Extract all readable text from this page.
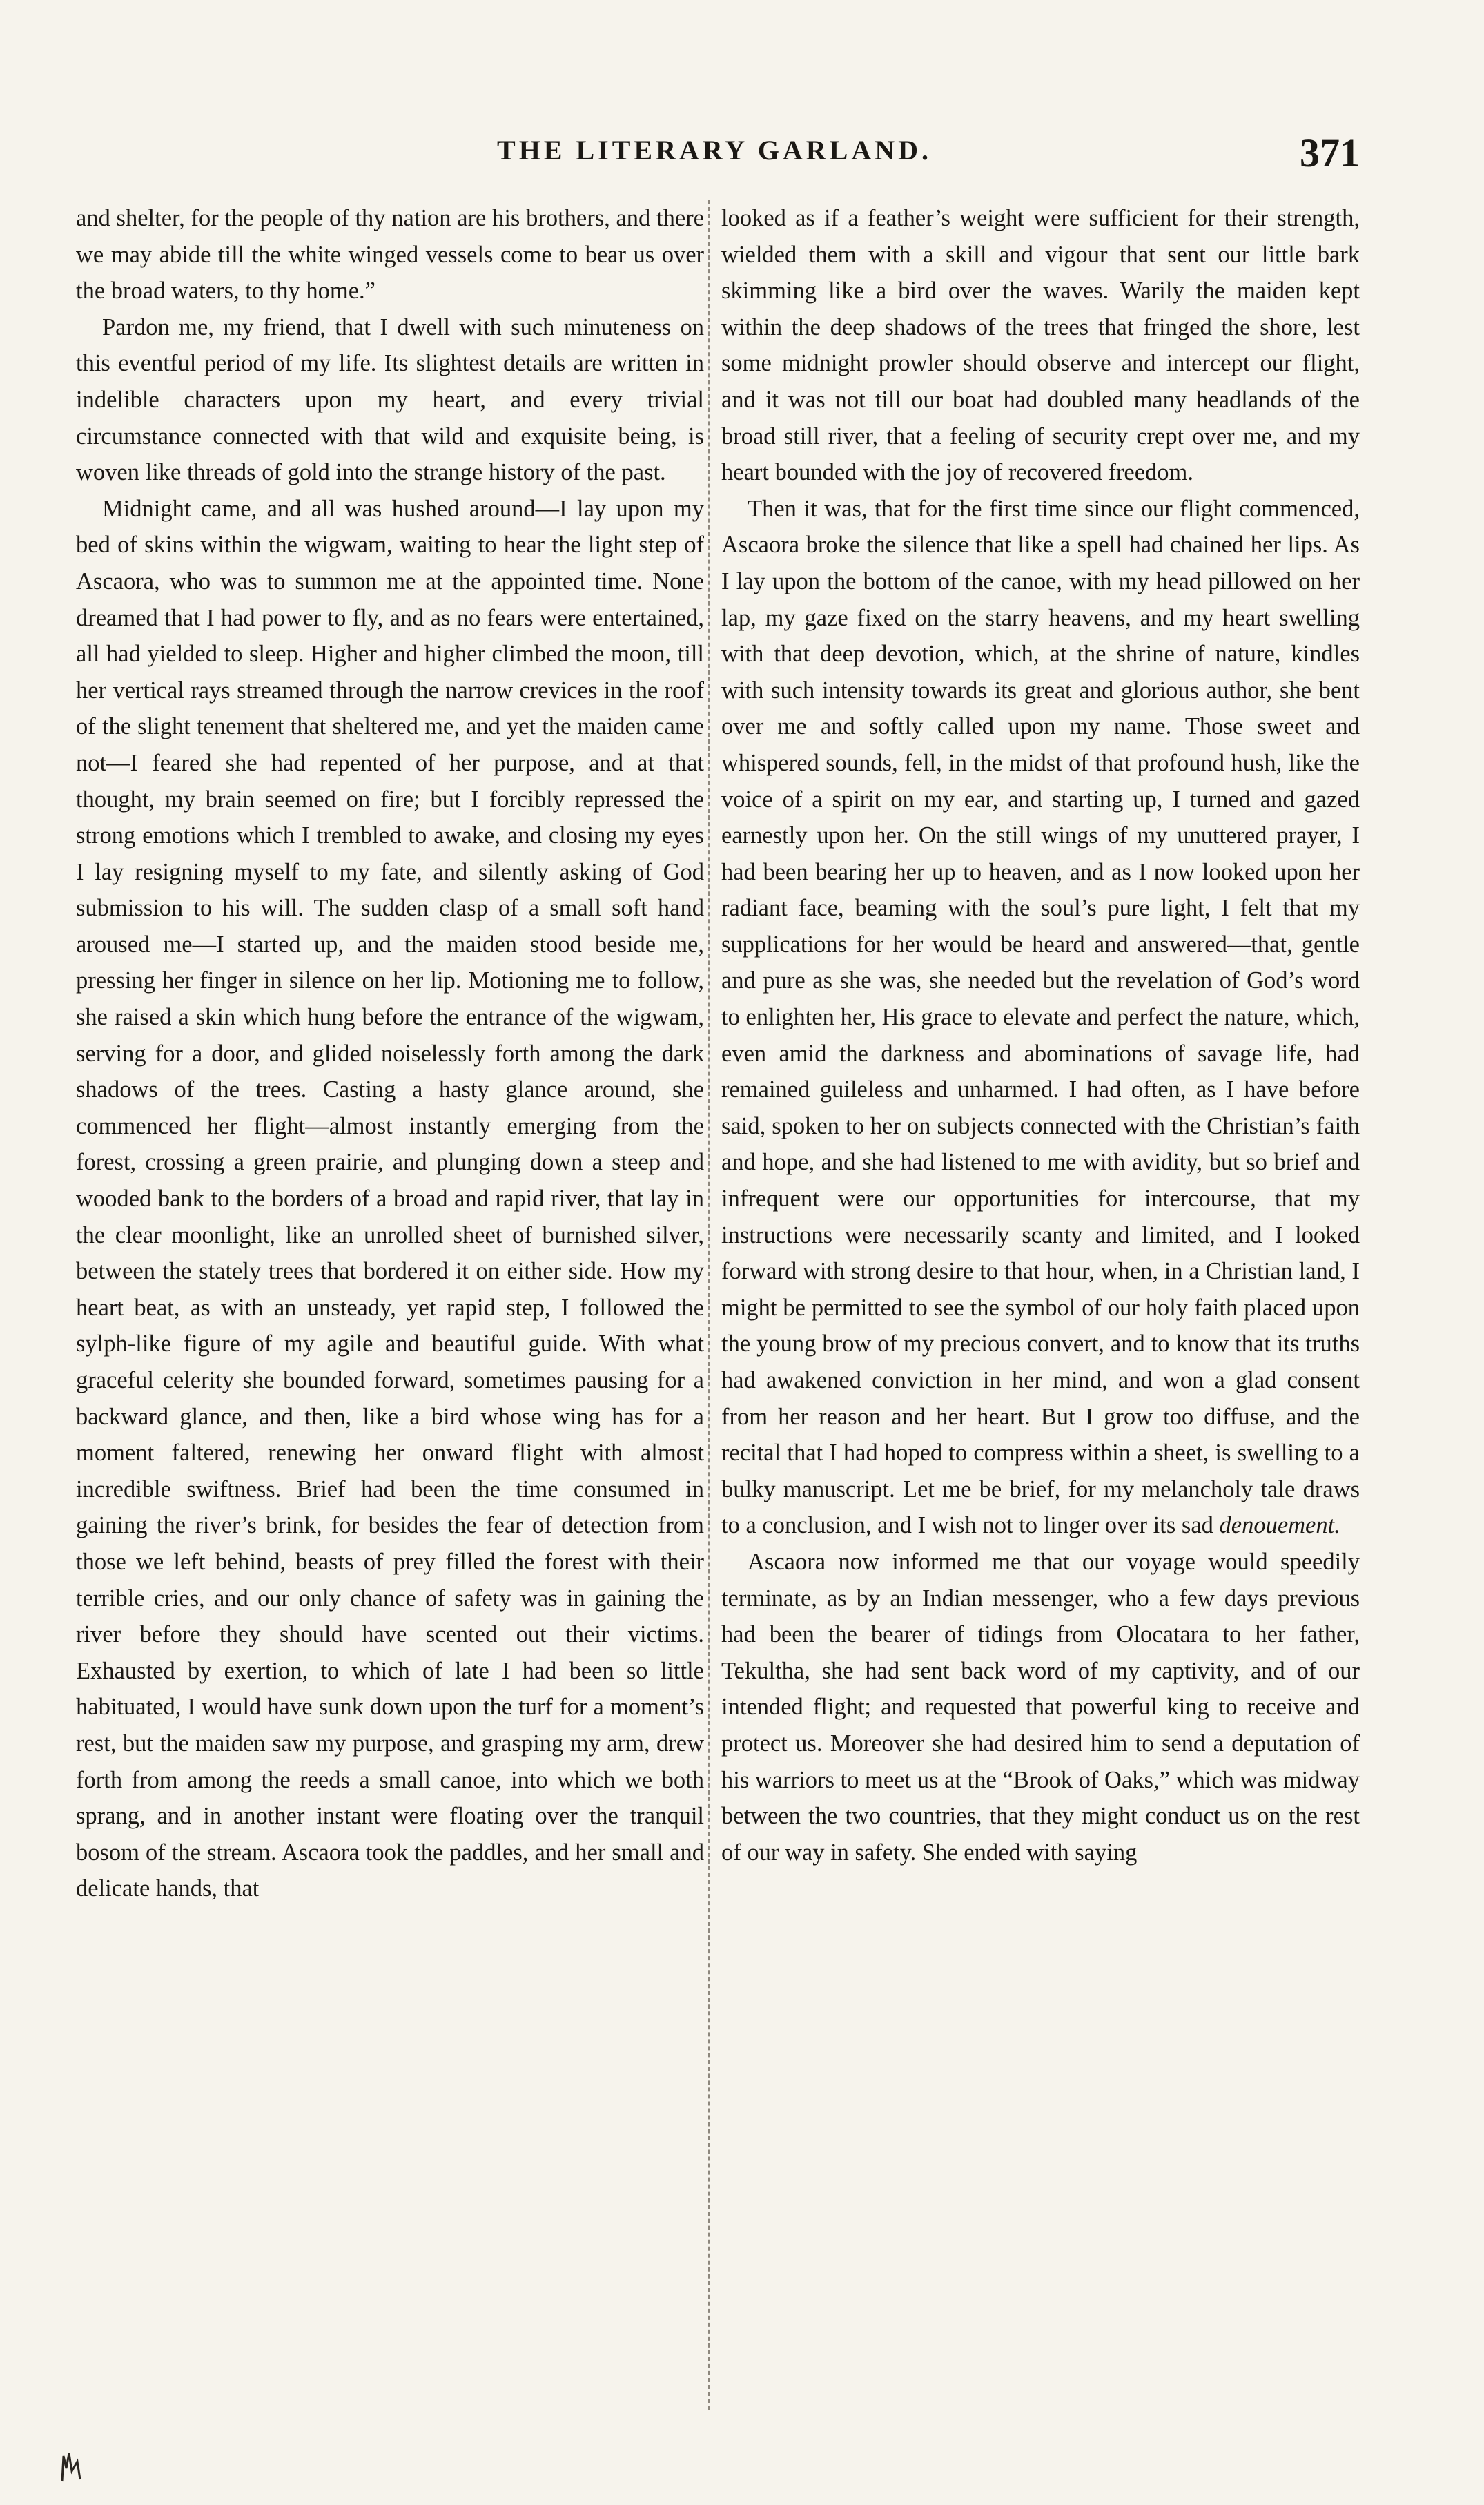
THE LITERARY GARLAND.	371

and shelter, for the people of thy nation are his brothers, and there we may abide till the white winged vessels come to bear us over the broad waters, to thy home.”

Pardon me, my friend, that I dwell with such minuteness on this eventful period of my life. Its slightest details are written in indelible characters upon my heart, and every trivial circumstance connected with that wild and exquisite being, is woven like threads of gold into the strange history of the past.

Midnight came, and all was hushed around—I lay upon my bed of skins within the wigwam, waiting to hear the light step of Ascaora, who was to summon me at the appointed time. None dreamed that I had power to fly, and as no fears were entertained, all had yielded to sleep. Higher and higher climbed the moon, till her vertical rays streamed through the narrow crevices in the roof of the slight tenement that sheltered me, and yet the maiden came not—I feared she had repented of her purpose, and at that thought, my brain seemed on fire; but I forcibly repressed the strong emotions which I trembled to awake, and closing my eyes I lay resigning myself to my fate, and silently asking of God submission to his will. The sudden clasp of a small soft hand aroused me—I started up, and the maiden stood beside me, pressing her finger in silence on her lip. Motioning me to follow, she raised a skin which hung before the entrance of the wigwam, serving for a door, and glided noiselessly forth among the dark shadows of the trees. Casting a hasty glance around, she commenced her flight—almost instantly emerging from the forest, crossing a green prairie, and plunging down a steep and wooded bank to the borders of a broad and rapid river, that lay in the clear moonlight, like an unrolled sheet of burnished silver, between the stately trees that bordered it on either side. How my heart beat, as with an unsteady, yet rapid step, I followed the sylph-like figure of my agile and beautiful guide. With what graceful celerity she bounded forward, sometimes pausing for a backward glance, and then, like a bird whose wing has for a moment faltered, renewing her onward flight with almost incredible swiftness. Brief had been the time consumed in gaining the river’s brink, for besides the fear of detection from those we left behind, beasts of prey filled the forest with their terrible cries, and our only chance of safety was in gaining the river before they should have scented out their victims. Exhausted by exertion, to which of late I had been so little habituated, I would have sunk down upon the turf for a moment’s rest, but the maiden saw my purpose, and grasping my arm, drew forth from among the reeds a small canoe, into which we both sprang, and in another instant were floating over the tranquil bosom of the stream. Ascaora took the paddles, and her small and delicate hands, that

looked as if a feather’s weight were sufficient for their strength, wielded them with a skill and vigour that sent our little bark skimming like a bird over the waves. Warily the maiden kept within the deep shadows of the trees that fringed the shore, lest some midnight prowler should observe and intercept our flight, and it was not till our boat had doubled many headlands of the broad still river, that a feeling of security crept over me, and my heart bounded with the joy of recovered freedom.

Then it was, that for the first time since our flight commenced, Ascaora broke the silence that like a spell had chained her lips. As I lay upon the bottom of the canoe, with my head pillowed on her lap, my gaze fixed on the starry heavens, and my heart swelling with that deep devotion, which, at the shrine of nature, kindles with such intensity towards its great and glorious author, she bent over me and softly called upon my name. Those sweet and whispered sounds, fell, in the midst of that profound hush, like the voice of a spirit on my ear, and starting up, I turned and gazed earnestly upon her. On the still wings of my unuttered prayer, I had been bearing her up to heaven, and as I now looked upon her radiant face, beaming with the soul’s pure light, I felt that my supplications for her would be heard and answered—that, gentle and pure as she was, she needed but the revelation of God’s word to enlighten her, His grace to elevate and perfect the nature, which, even amid the darkness and abominations of savage life, had remained guileless and unharmed. I had often, as I have before said, spoken to her on subjects connected with the Christian’s faith and hope, and she had listened to me with avidity, but so brief and infrequent were our opportunities for intercourse, that my instructions were necessarily scanty and limited, and I looked forward with strong desire to that hour, when, in a Christian land, I might be permitted to see the symbol of our holy faith placed upon the young brow of my precious convert, and to know that its truths had awakened conviction in her mind, and won a glad consent from her reason and her heart. But I grow too diffuse, and the recital that I had hoped to compress within a sheet, is swelling to a bulky manuscript. Let me be brief, for my melancholy tale draws to a conclusion, and I wish not to linger over its sad denouement.

Ascaora now informed me that our voyage would speedily terminate, as by an Indian messenger, who a few days previous had been the bearer of tidings from Olocatara to her father, Tekultha, she had sent back word of my captivity, and of our intended flight; and requested that powerful king to receive and protect us. Moreover she had desired him to send a deputation of his warriors to meet us at the “Brook of Oaks,” which was midway between the two countries, that they might conduct us on the rest of our way in safety. She ended with saying
